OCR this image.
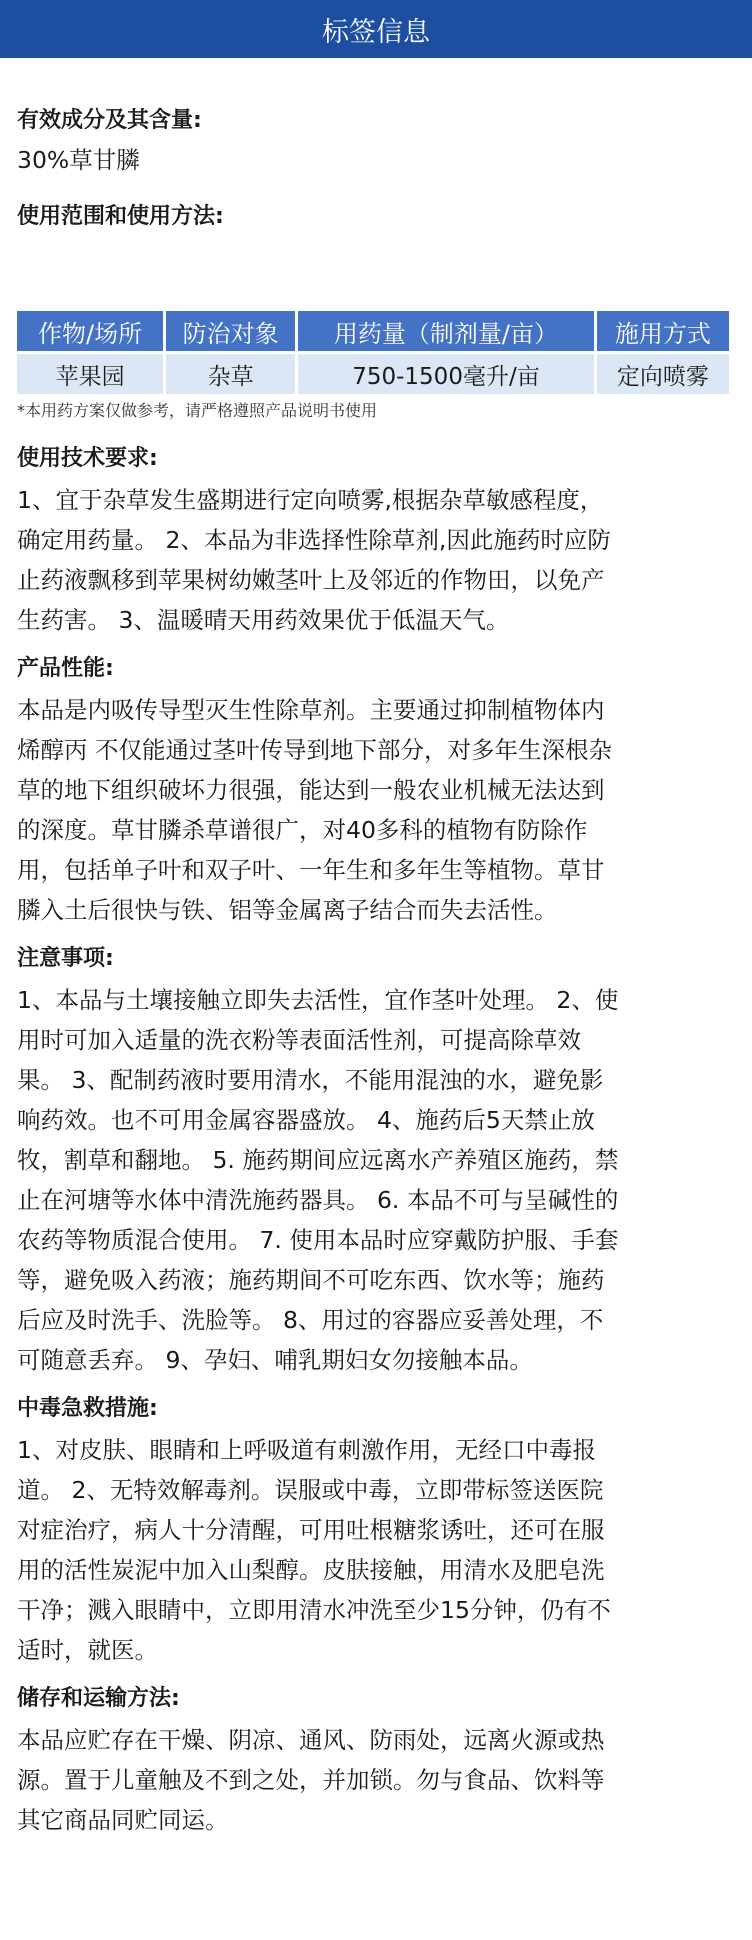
标签信息
有效成分及其含量:
30%草甘膦
使用范围和使用方法:
作物/场所	防治对象	用药量（制剂量/亩）	施用方式
苹果园	杂草	750-1500毫升/亩	定向喷雾
*本用药方案仅做参考，请严格遵照产品说明书使用
使用技术要求:
1、宜于杂草发生盛期进行定向喷雾,根据杂草敏感程度，
确定用药量。 2、本品为非选择性除草剂,因此施药时应防
止药液飘移到苹果树幼嫩茎叶上及邻近的作物田，以免产
生药害。 3、温暖晴天用药效果优于低温天气。
产品性能:
本品是内吸传导型灭生性除草剂。主要通过抑制植物体内
烯醇丙 不仅能通过茎叶传导到地下部分，对多年生深根杂
草的地下组织破坏力很强，能达到一般农业机械无法达到
的深度。草甘膦杀草谱很广，对40多科的植物有防除作
用，包括单子叶和双子叶、一年生和多年生等植物。草甘
膦入土后很快与铁、铝等金属离子结合而失去活性。
注意事项:
1、本品与土壤接触立即失去活性，宜作茎叶处理。 2、使
用时可加入适量的洗衣粉等表面活性剂，可提高除草效
果。 3、配制药液时要用清水，不能用混浊的水，避免影
响药效。也不可用金属容器盛放。 4、施药后5天禁止放
牧，割草和翻地。 5. 施药期间应远离水产养殖区施药，禁
止在河塘等水体中清洗施药器具。 6. 本品不可与呈碱性的
农药等物质混合使用。 7. 使用本品时应穿戴防护服、手套
等，避免吸入药液；施药期间不可吃东西、饮水等；施药
后应及时洗手、洗脸等。 8、用过的容器应妥善处理，不
可随意丢弃。 9、孕妇、哺乳期妇女勿接触本品。
中毒急救措施:
1、对皮肤、眼睛和上呼吸道有刺激作用，无经口中毒报
道。 2、无特效解毒剂。误服或中毒，立即带标签送医院
对症治疗，病人十分清醒，可用吐根糖浆诱吐，还可在服
用的活性炭泥中加入山梨醇。皮肤接触，用清水及肥皂洗
干净；溅入眼睛中，立即用清水冲洗至少15分钟，仍有不
适时，就医。
储存和运输方法:
本品应贮存在干燥、阴凉、通风、防雨处，远离火源或热
源。置于儿童触及不到之处，并加锁。勿与食品、饮料等
其它商品同贮同运。
